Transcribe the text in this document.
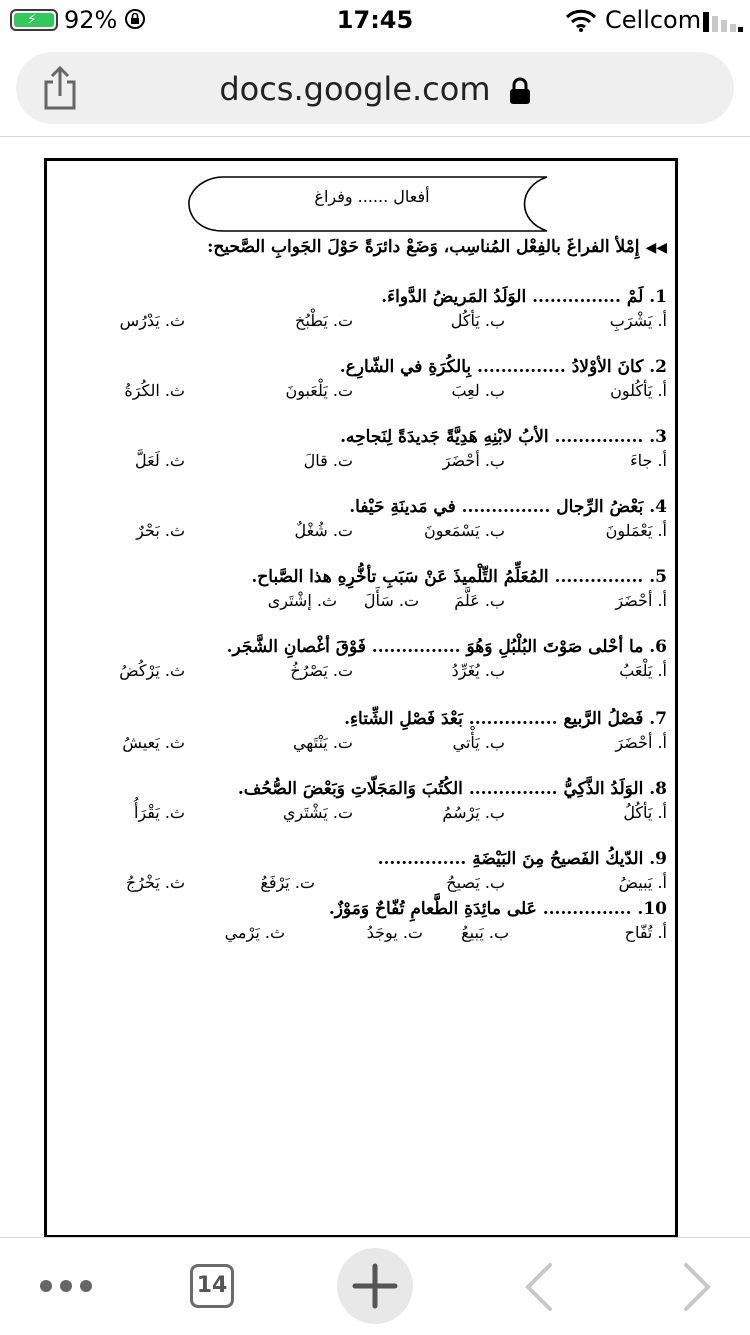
⚡ 92%	17:45	Cellcom
docs.google.com
أفعال ...... وفراغ
◀◀إِمْلأ الفراغَ بالفِعْل المُناسِب، وَضَعْ دائرَةً حَوْلَ الجَوابِ الصَّحيح:
1. لَمْ ............... الوَلَدُ المَريضُ الدَّواءَ.
أ. يَشْرَبِ
ب. يَأكُل
ت. يَطْبُخ
ث. يَدْرُس
2. كانَ الأوْلادُ ............... بِالكُرَةِ في الشّارِع.
أ. يَأكُلون
ب. لعِبَ
ت. يَلْعَبونَ
ث. الكُرَةُ
3. ............... الأبُ لابْنِهِ هَدِيَّةً جَديدَةً لِنَجاحِه.
أ. جاءَ
ب. أحْضَرَ
ت. قالَ
ث. لَعَلَّ
4. بَعْضُ الرِّجال ............... في مَدينَةِ حَيْفا.
أ. يَعْمَلونَ
ب. يَسْمَعونَ
ت. شُغْلٌ
ث. بَحْرٌ
5. ............... المُعَلِّمُ التِّلْميذَ عَنْ سَبَبِ تأخُّرِهِ هذا الصَّباح.
أ. أحْضَرَ
ب. عَلَّمَ
ت. سَأَلَ
ث. إشْتَرى
6. ما أحْلى صَوْتَ البُلْبُلِ وَهُوَ ............... فَوْقَ أغْصانِ الشَّجَر.
أ. يَلْعَبُ
ب. يُغَرِّدُ
ت. يَصْرُخُ
ث. يَرْكُضُ
7. فَصْلُ الرَّبيع ............... بَعْدَ فَصْلِ الشِّتاءِ.
أ. أحْضَرَ
ب. يَأْتي
ت. يَنْتَهي
ث. يَعيشُ
8. الوَلَدُ الذَّكِيُّ ............... الكُتُبَ وَالمَجَلّاتِ وَبَعْضَ الصُّحُف.
أ. يَأكُلُ
ب. يَرْسُمُ
ت. يَشْتَري
ث. يَقْرَأُ
9. الدّيكُ الفَصيحُ مِنَ البَيْضَةِ ...............
أ. يَبيضُ
ب. يَصيحُ
ت. يَرْفَعُ
ث. يَخْرُجُ
10. ............... عَلى مائِدَةِ الطَّعامِ تُفّاحٌ وَمَوْزٌ.
أ. تُفّاح
ب. يَبيعُ
ت. يوجَدُ
ث. يَرْمي
14
